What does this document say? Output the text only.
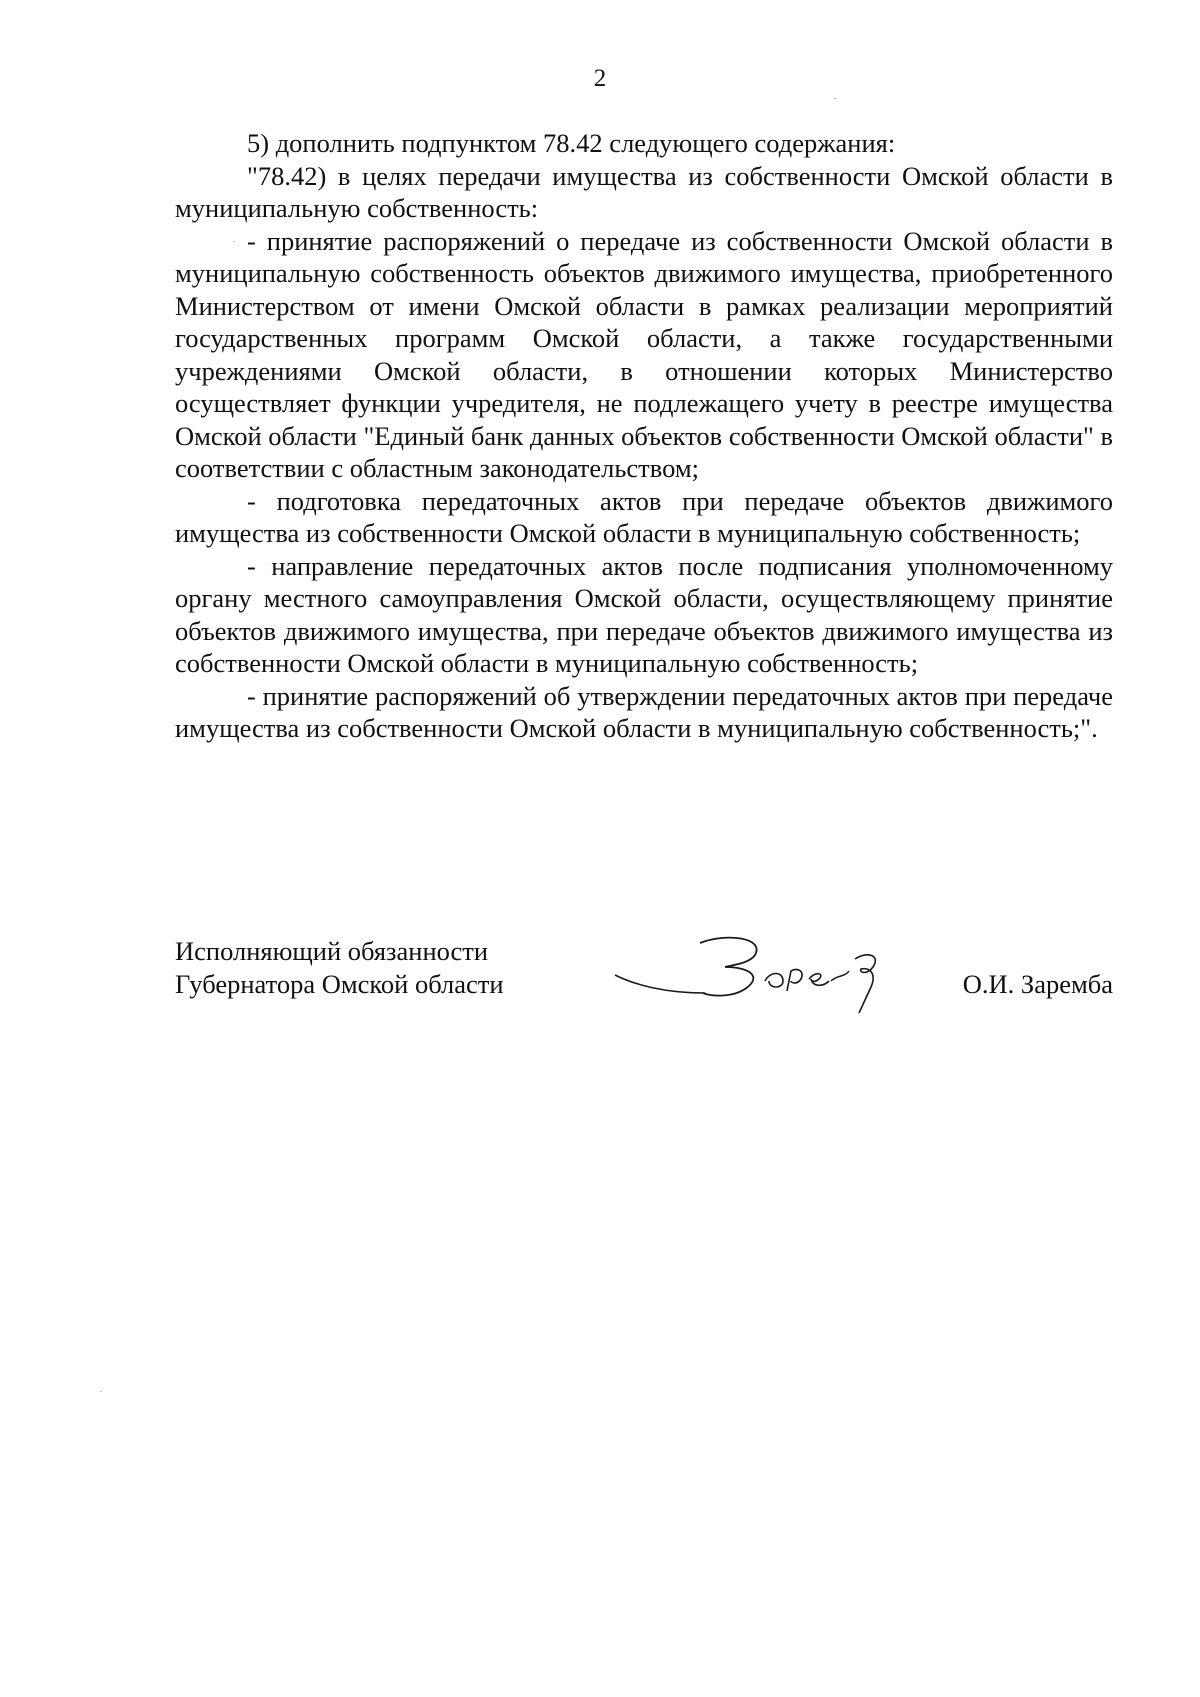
2

5) дополнить подпунктом 78.42 следующего содержания:

"78.42) в целях передачи имущества из собственности Омской области в муниципальную собственность:

- принятие распоряжений о передаче из собственности Омской области в муниципальную собственность объектов движимого имущества, приобретенного Министерством от имени Омской области в рамках реализации мероприятий государственных программ Омской области, а также государственными учреждениями Омской области, в отношении которых Министерство осуществляет функции учредителя, не подлежащего учету в реестре имущества Омской области "Единый банк данных объектов собственности Омской области" в соответствии с областным законодательством;

- подготовка передаточных актов при передаче объектов движимого имущества из собственности Омской области в муниципальную собственность;

- направление передаточных актов после подписания уполномоченному органу местного самоуправления Омской области, осуществляющему принятие объектов движимого имущества, при передаче объектов движимого имущества из собственности Омской области в муниципальную собственность;

- принятие распоряжений об утверждении передаточных актов при передаче имущества из собственности Омской области в муниципальную собственность;".

Исполняющий обязанности
Губернатора Омской области	О.И. Заремба
